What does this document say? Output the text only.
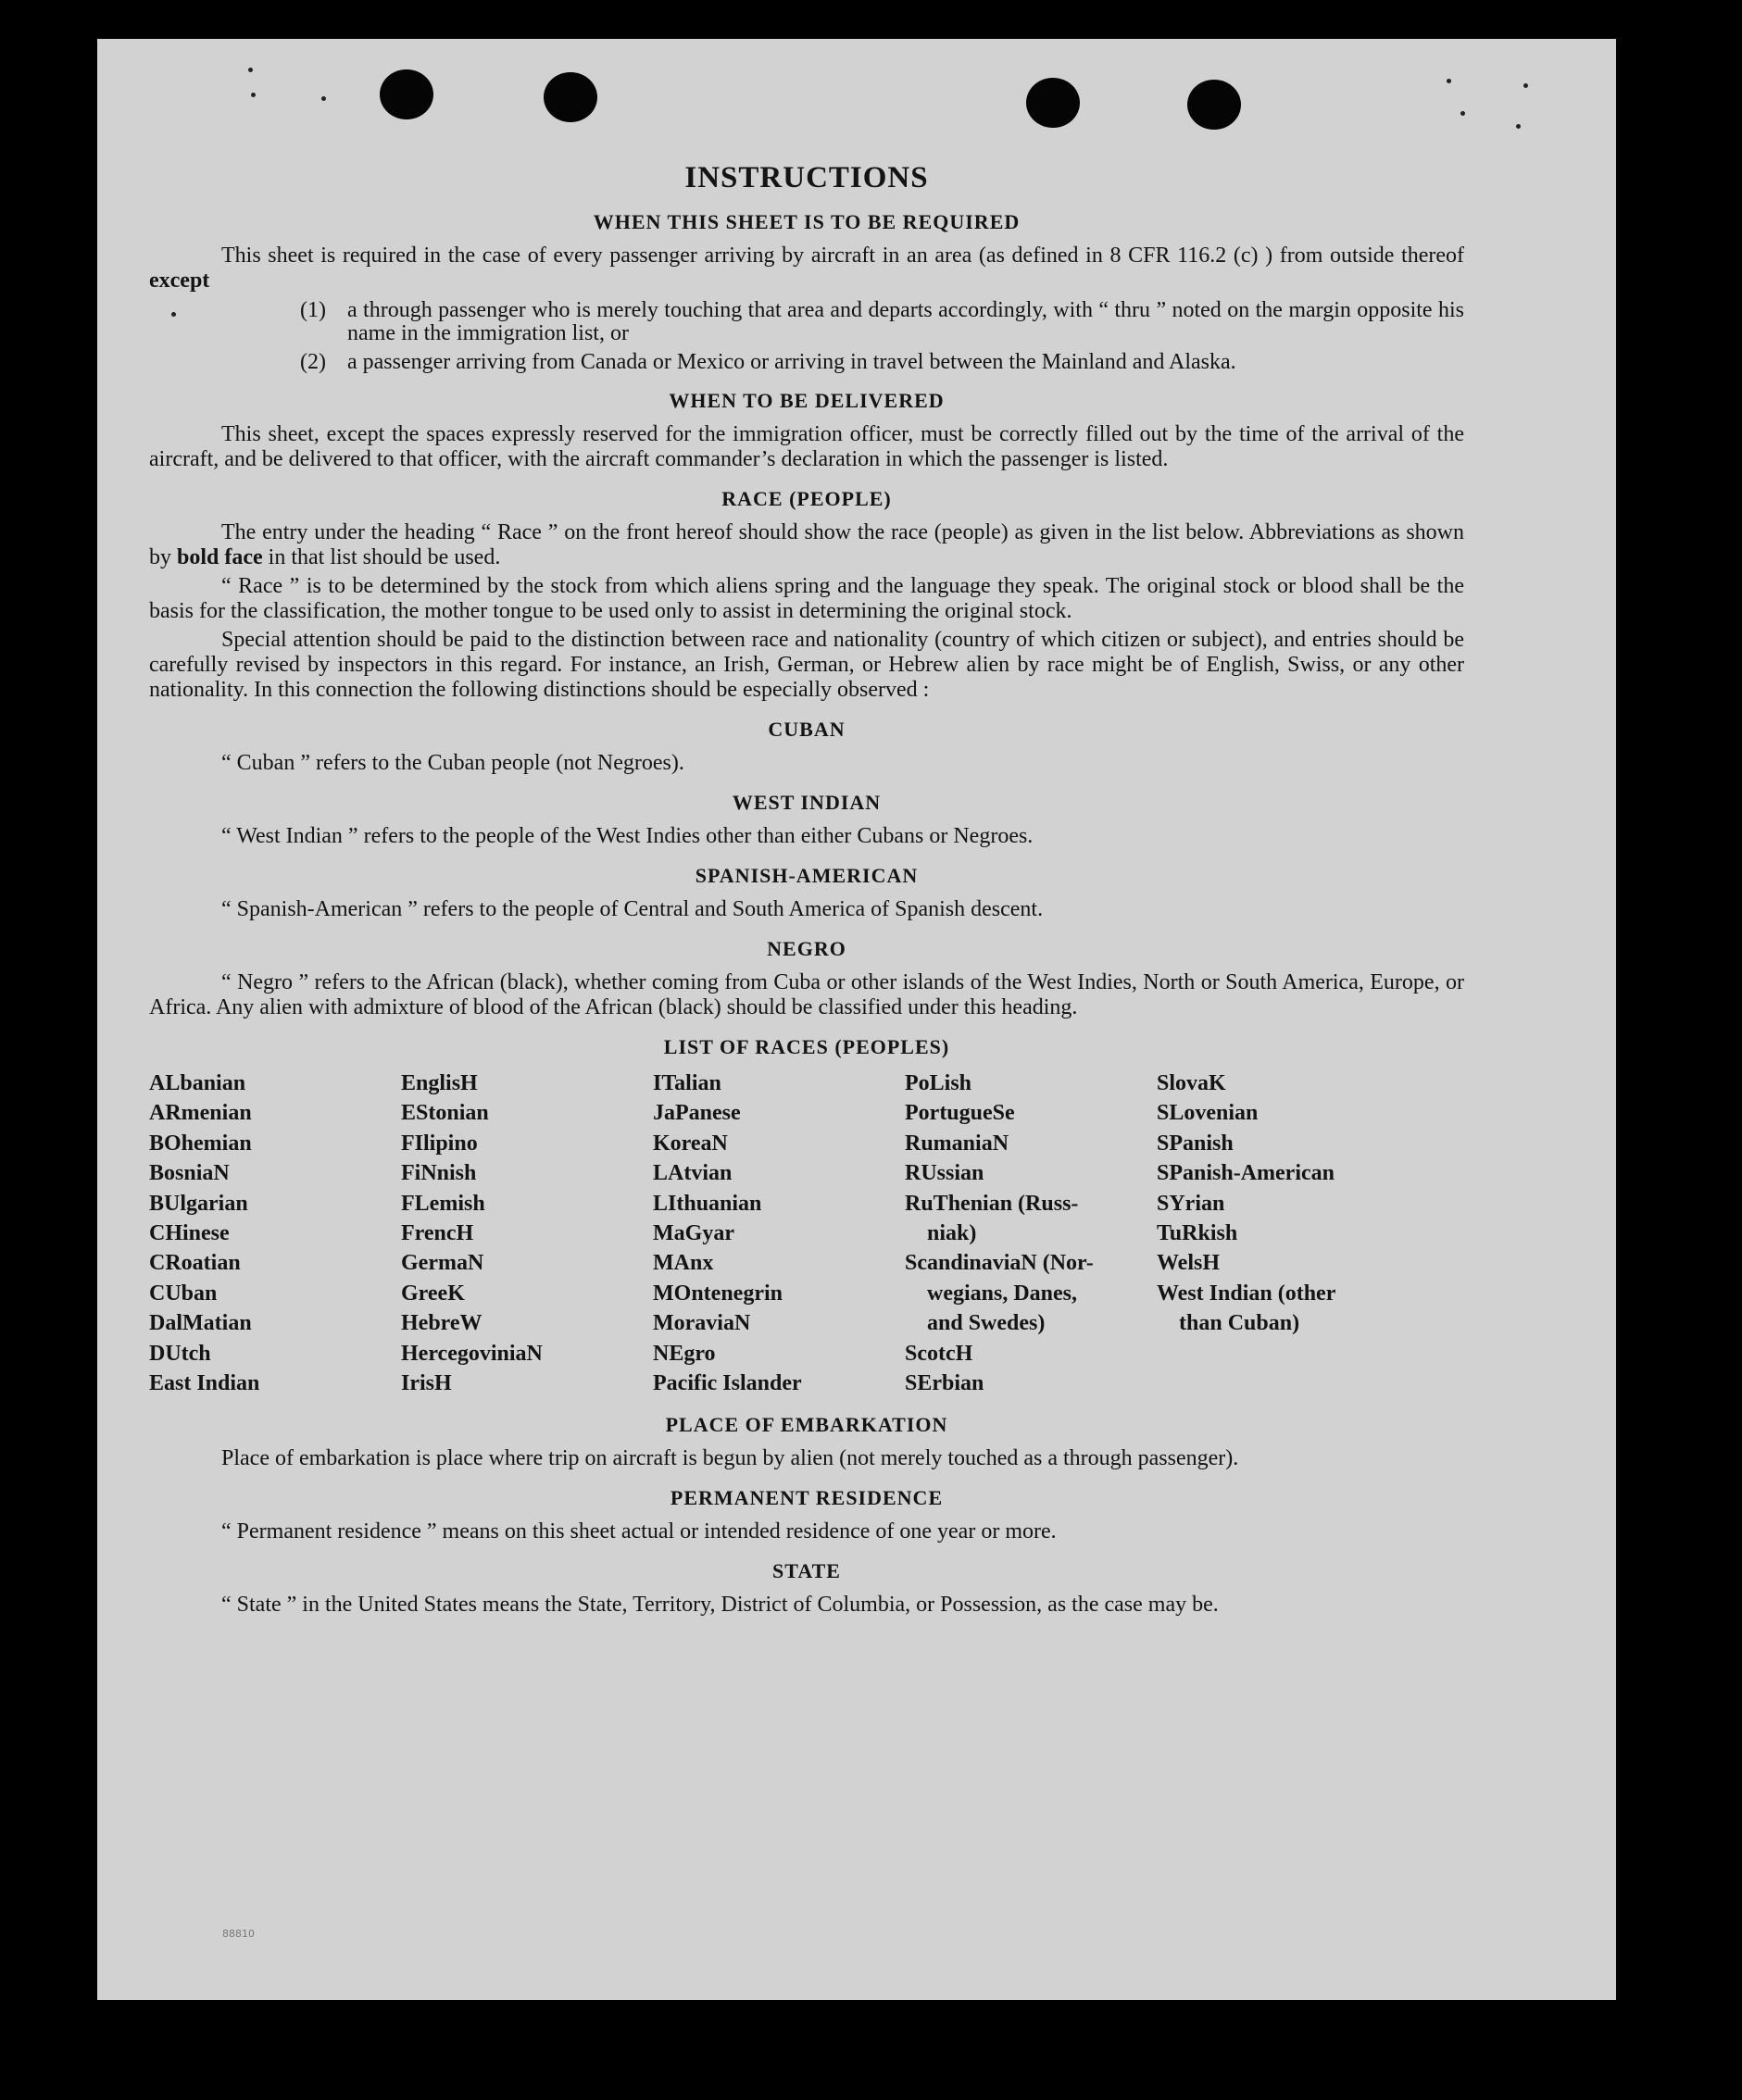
INSTRUCTIONS
WHEN THIS SHEET IS TO BE REQUIRED

This sheet is required in the case of every passenger arriving by aircraft in an area (as defined in 8 CFR 116.2 (c) ) from outside thereof except

(1) a through passenger who is merely touching that area and departs accordingly, with “ thru ” noted on the margin opposite his name in the immigration list, or
(2) a passenger arriving from Canada or Mexico or arriving in travel between the Mainland and Alaska.
WHEN TO BE DELIVERED

This sheet, except the spaces expressly reserved for the immigration officer, must be correctly filled out by the time of the arrival of the aircraft, and be delivered to that officer, with the aircraft commander’s declaration in which the passenger is listed.

RACE (PEOPLE)

The entry under the heading “ Race ” on the front hereof should show the race (people) as given in the list below. Abbreviations as shown by bold face in that list should be used.

“ Race ” is to be determined by the stock from which aliens spring and the language they speak. The original stock or blood shall be the basis for the classification, the mother tongue to be used only to assist in determining the original stock.

Special attention should be paid to the distinction between race and nationality (country of which citizen or subject), and entries should be carefully revised by inspectors in this regard. For instance, an Irish, German, or Hebrew alien by race might be of English, Swiss, or any other nationality. In this connection the following distinctions should be especially observed :

CUBAN

“ Cuban ” refers to the Cuban people (not Negroes).

WEST INDIAN

“ West Indian ” refers to the people of the West Indies other than either Cubans or Negroes.

SPANISH-AMERICAN

“ Spanish-American ” refers to the people of Central and South America of Spanish descent.

NEGRO

“ Negro ” refers to the African (black), whether coming from Cuba or other islands of the West Indies, North or South America, Europe, or Africa. Any alien with admixture of blood of the African (black) should be classified under this heading.

LIST OF RACES (PEOPLES)
ALbanian
ARmenian
BOhemian
BosniaN
BUlgarian
CHinese
CRoatian
CUban
DalMatian
DUtch
East Indian
EnglisH
EStonian
FIlipino
FiNnish
FLemish
FrencH
GermaN
GreeK
HebreW
HercegoviniaN
IrisH
ITalian
JaPanese
KoreaN
LAtvian
LIthuanian
MaGyar
MAnx
MOntenegrin
MoraviaN
NEgro
Pacific Islander
PoLish
PortugueSe
RumaniaN
RUssian
RuThenian (Russ-
niak)
ScandinaviaN (Nor-
wegians, Danes,
and Swedes)
ScotcH
SErbian
SlovaK
SLovenian
SPanish
SPanish-American
SYrian
TuRkish
WelsH
West Indian (other
than Cuban)
PLACE OF EMBARKATION

Place of embarkation is place where trip on aircraft is begun by alien (not merely touched as a through passenger).

PERMANENT RESIDENCE

“ Permanent residence ” means on this sheet actual or intended residence of one year or more.

STATE

“ State ” in the United States means the State, Territory, District of Columbia, or Possession, as the case may be.

88810
